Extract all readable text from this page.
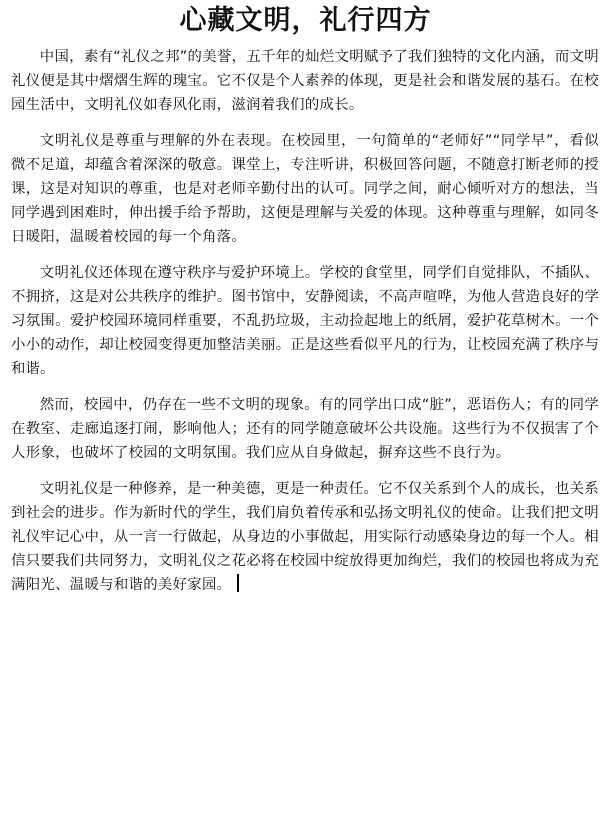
心藏文明，礼行四方

中国，素有“礼仪之邦”的美誉，五千年的灿烂文明赋予了我们独特的文化内涵，而文明礼仪便是其中熠熠生辉的瑰宝。它不仅是个人素养的体现，更是社会和谐发展的基石。在校园生活中，文明礼仪如春风化雨，滋润着我们的成长。

文明礼仪是尊重与理解的外在表现。在校园里，一句简单的“老师好”“同学早”，看似微不足道，却蕴含着深深的敬意。课堂上，专注听讲，积极回答问题，不随意打断老师的授课，这是对知识的尊重，也是对老师辛勤付出的认可。同学之间，耐心倾听对方的想法，当同学遇到困难时，伸出援手给予帮助，这便是理解与关爱的体现。这种尊重与理解，如同冬日暖阳，温暖着校园的每一个角落。

文明礼仪还体现在遵守秩序与爱护环境上。学校的食堂里，同学们自觉排队，不插队、不拥挤，这是对公共秩序的维护。图书馆中，安静阅读，不高声喧哗，为他人营造良好的学习氛围。爱护校园环境同样重要，不乱扔垃圾，主动捡起地上的纸屑，爱护花草树木。一个小小的动作，却让校园变得更加整洁美丽。正是这些看似平凡的行为，让校园充满了秩序与和谐。

然而，校园中，仍存在一些不文明的现象。有的同学出口成“脏”，恶语伤人；有的同学在教室、走廊追逐打闹，影响他人；还有的同学随意破坏公共设施。这些行为不仅损害了个人形象，也破坏了校园的文明氛围。我们应从自身做起，摒弃这些不良行为。

文明礼仪是一种修养，是一种美德，更是一种责任。它不仅关系到个人的成长，也关系到社会的进步。作为新时代的学生，我们肩负着传承和弘扬文明礼仪的使命。让我们把文明礼仪牢记心中，从一言一行做起，从身边的小事做起，用实际行动感染身边的每一个人。相信只要我们共同努力，文明礼仪之花必将在校园中绽放得更加绚烂，我们的校园也将成为充满阳光、温暖与和谐的美好家园。
